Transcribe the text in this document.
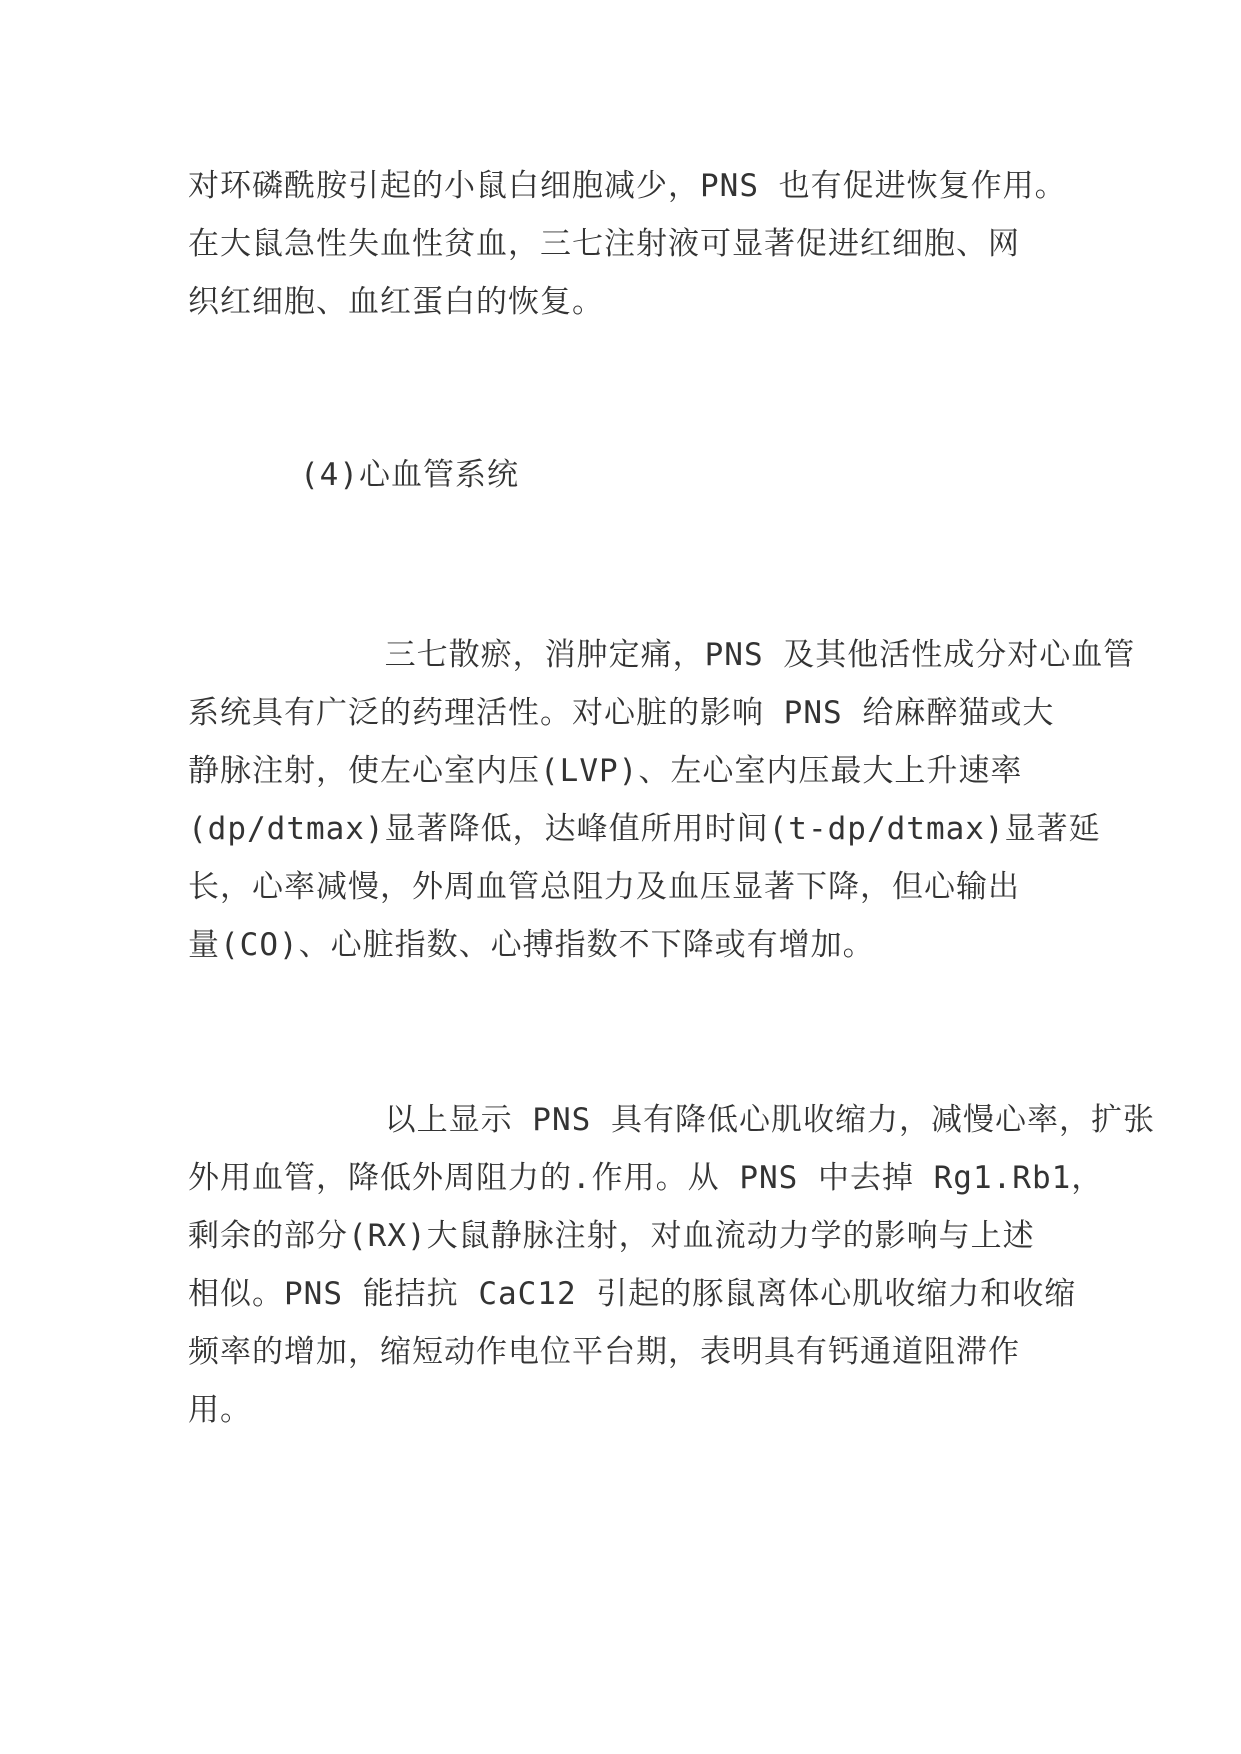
对环磷酰胺引起的小鼠白细胞减少，PNS 也有促进恢复作用。
在大鼠急性失血性贫血，三七注射液可显著促进红细胞、网
织红细胞、血红蛋白的恢复。
(4)心血管系统
三七散瘀，消肿定痛，PNS 及其他活性成分对心血管
系统具有广泛的药理活性。对心脏的影响 PNS 给麻醉猫或大
静脉注射，使左心室内压(LVP)、左心室内压最大上升速率
(dp/dtmax)显著降低，达峰值所用时间(t-dp/dtmax)显著延
长，心率减慢，外周血管总阻力及血压显著下降，但心输出
量(CO)、心脏指数、心搏指数不下降或有增加。
以上显示 PNS 具有降低心肌收缩力，减慢心率，扩张
外用血管，降低外周阻力的.作用。从 PNS 中去掉 Rg1.Rb1，
剩余的部分(RX)大鼠静脉注射，对血流动力学的影响与上述
相似。PNS 能拮抗 CaC12 引起的豚鼠离体心肌收缩力和收缩
频率的增加，缩短动作电位平台期，表明具有钙通道阻滞作
用。
